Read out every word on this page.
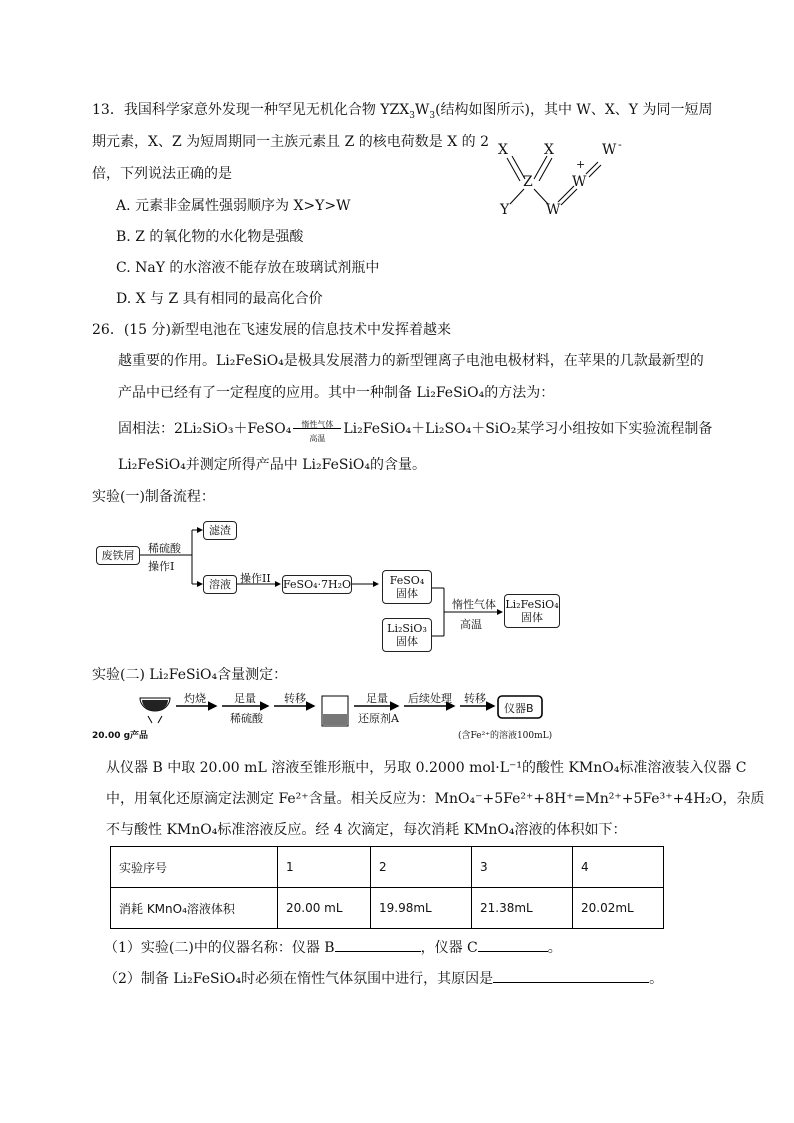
13．我国科学家意外发现一种罕见无机化合物 $YZX_3W_3$(结构如图所示)，其中 W、X、Y 为同一短周
期元素，X、Z 为短周期同一主族元素且 Z 的核电荷数是 X 的 2
倍，下列说法正确的是
A. 元素非金属性强弱顺序为 X>Y>W
B. Z 的氧化物的水化物是强酸
C. NaY 的水溶液不能存放在玻璃试剂瓶中
D. X 与 Z 具有相同的最高化合价
X	X
Z
Y	W
W
+
W -
26．(15 分)新型电池在飞速发展的信息技术中发挥着越来
越重要的作用。Li₂FeSiO₄是极具发展潜力的新型锂离子电池电极材料，在苹果的几款最新型的
产品中已经有了一定程度的应用。其中一种制备 Li₂FeSiO₄的方法为：
固相法：2Li₂SiO₃＋FeSO₄	惰性气体
高温
Li₂FeSiO₄＋Li₂SO₄＋SiO₂某学习小组按如下实验流程制备
Li₂FeSiO₄并测定所得产品中 Li₂FeSiO₄的含量。
实验(一)制备流程：
废铁屑
稀硫酸
操作I
滤渣
溶液 操作II FeSO₄·7H₂O	FeSO₄
固体
Li₂SiO₃
固体
惰性气体
高温
Li₂FeSiO₄
固体
实验(二) Li₂FeSiO₄含量测定：
20.00 g产品
灼烧	足量
稀硫酸
转移	足量
还原剂A
后续处理 转移
仪器B
(含Fe²⁺的溶液100mL)
从仪器 B 中取 20.00 mL 溶液至锥形瓶中，另取 0.2000 mol·L⁻¹的酸性 KMnO₄标准溶液装入仪器 C
中，用氧化还原滴定法测定 Fe²⁺含量。相关反应为：MnO₄⁻+5Fe²⁺+8H⁺=Mn²⁺+5Fe³⁺+4H₂O，杂质
不与酸性 KMnO₄标准溶液反应。经 4 次滴定，每次消耗 KMnO₄溶液的体积如下：
实验序号	1	2	3	4
消耗 KMnO₄溶液体积	20.00 mL	19.98mL	21.38mL	20.02mL
（1）实验(二)中的仪器名称：仪器 B	，仪器 C	。
（2）制备 Li₂FeSiO₄时必须在惰性气体氛围中进行，其原因是	。
